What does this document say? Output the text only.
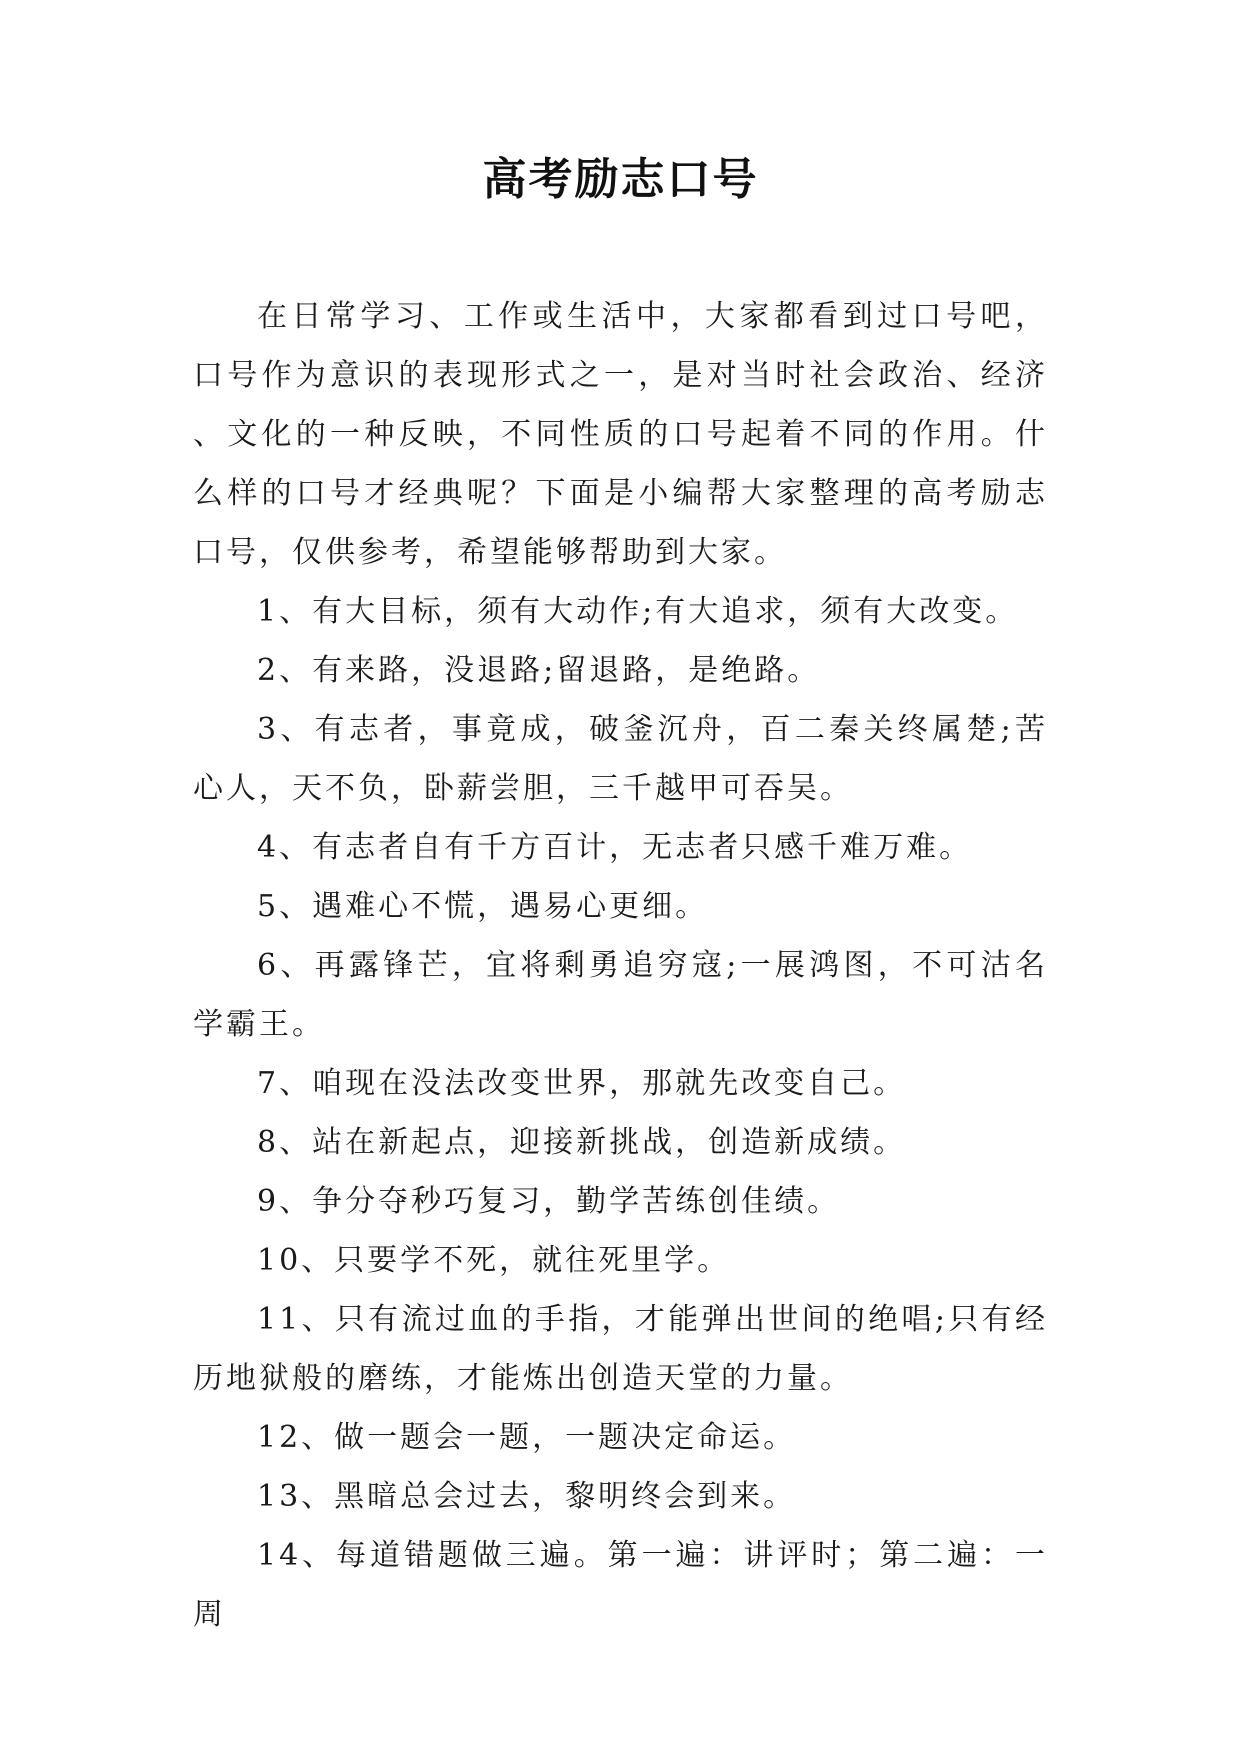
高考励志口号

在日常学习、工作或生活中，大家都看到过口号吧，口号作为意识的表现形式之一，是对当时社会政治、经济、文化的一种反映，不同性质的口号起着不同的作用。什么样的口号才经典呢？下面是小编帮大家整理的高考励志口号，仅供参考，希望能够帮助到大家。

1、有大目标，须有大动作;有大追求，须有大改变。

2、有来路，没退路;留退路，是绝路。

3、有志者，事竟成，破釜沉舟，百二秦关终属楚;苦心人，天不负，卧薪尝胆，三千越甲可吞吴。

4、有志者自有千方百计，无志者只感千难万难。

5、遇难心不慌，遇易心更细。

6、再露锋芒，宜将剩勇追穷寇;一展鸿图，不可沽名学霸王。

7、咱现在没法改变世界，那就先改变自己。

8、站在新起点，迎接新挑战，创造新成绩。

9、争分夺秒巧复习，勤学苦练创佳绩。

10、只要学不死，就往死里学。

11、只有流过血的手指，才能弹出世间的绝唱;只有经历地狱般的磨练，才能炼出创造天堂的力量。

12、做一题会一题，一题决定命运。

13、黑暗总会过去，黎明终会到来。

14、每道错题做三遍。第一遍：讲评时；第二遍：一周
